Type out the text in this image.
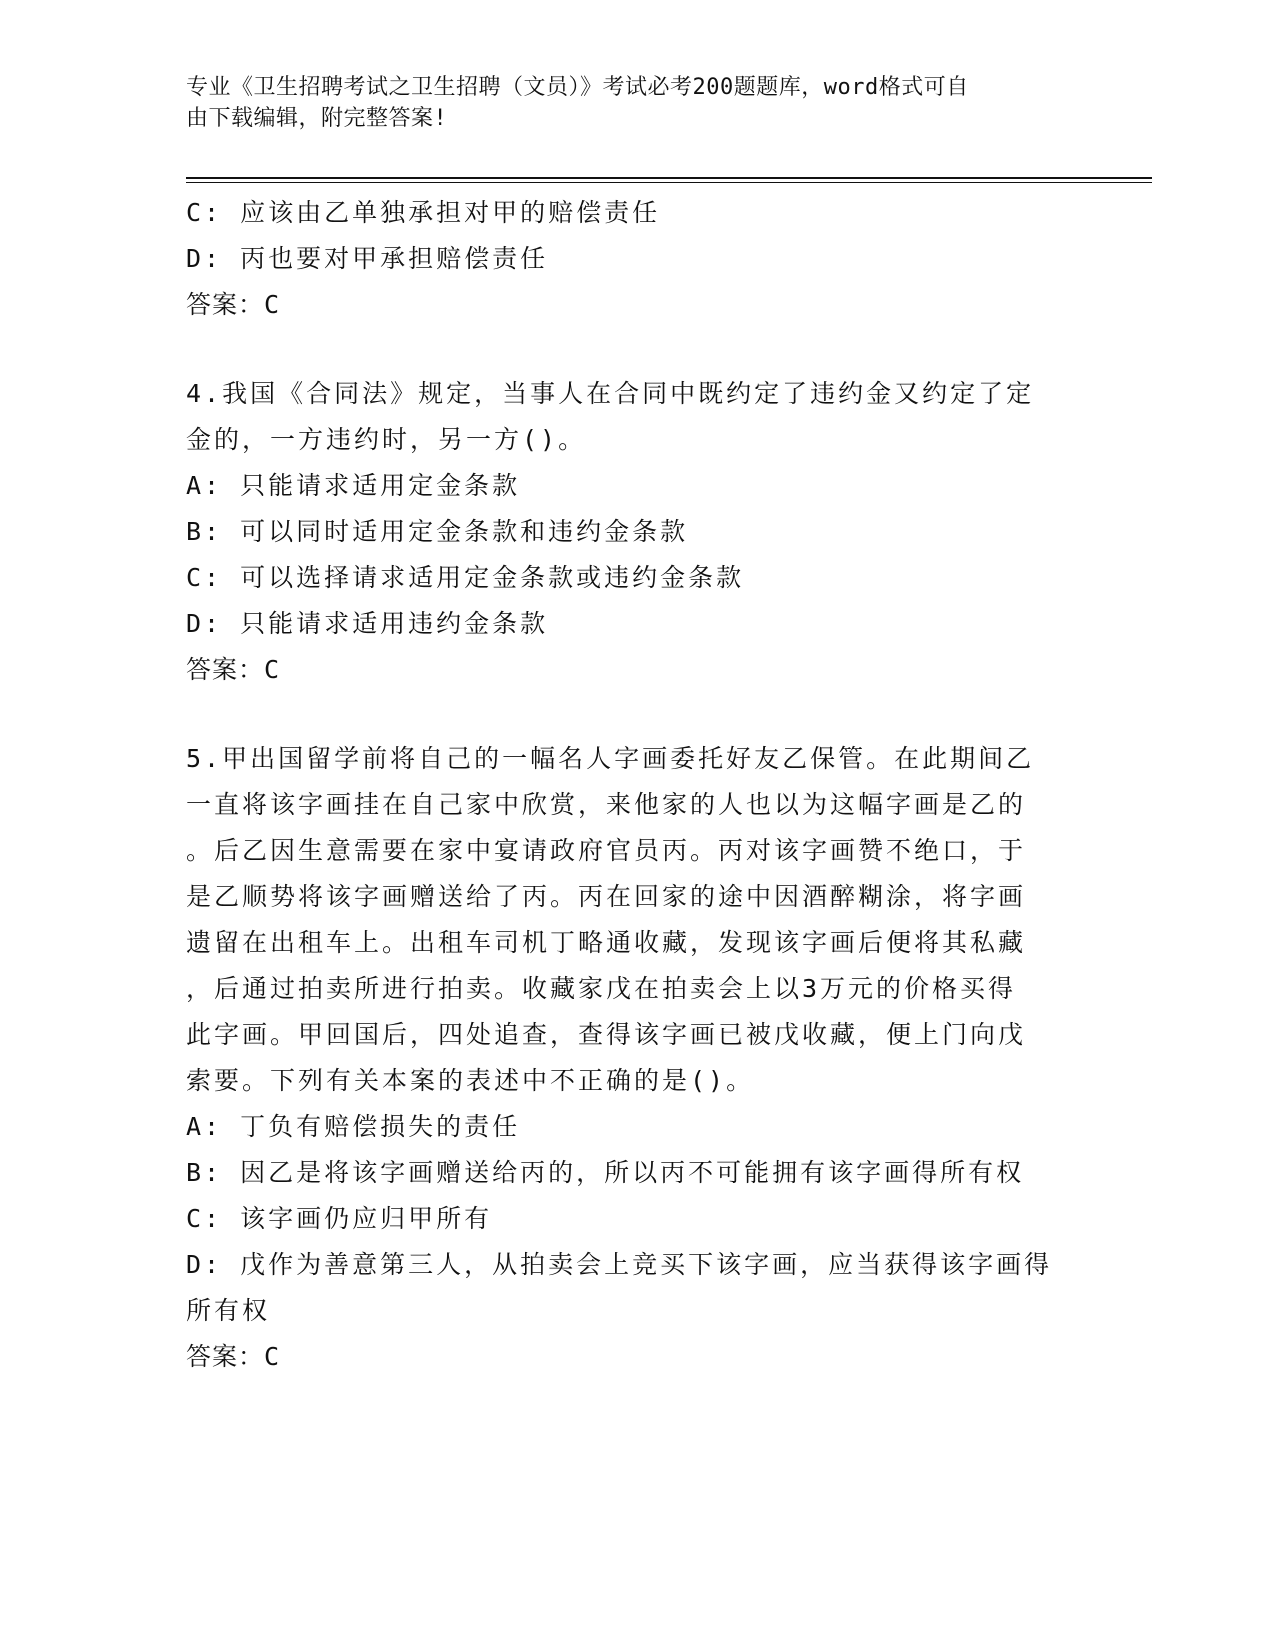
专业《卫生招聘考试之卫生招聘（文员）》考试必考200题题库，word格式可自
由下载编辑，附完整答案!
C: 应该由乙单独承担对甲的赔偿责任
D: 丙也要对甲承担赔偿责任
答案：C
4.我国《合同法》规定，当事人在合同中既约定了违约金又约定了定
金的，一方违约时，另一方()。
A: 只能请求适用定金条款
B: 可以同时适用定金条款和违约金条款
C: 可以选择请求适用定金条款或违约金条款
D: 只能请求适用违约金条款
答案：C
5.甲出国留学前将自己的一幅名人字画委托好友乙保管。在此期间乙
一直将该字画挂在自己家中欣赏，来他家的人也以为这幅字画是乙的
。后乙因生意需要在家中宴请政府官员丙。丙对该字画赞不绝口，于
是乙顺势将该字画赠送给了丙。丙在回家的途中因酒醉糊涂，将字画
遗留在出租车上。出租车司机丁略通收藏，发现该字画后便将其私藏
，后通过拍卖所进行拍卖。收藏家戊在拍卖会上以3万元的价格买得
此字画。甲回国后，四处追查，查得该字画已被戊收藏，便上门向戊
索要。下列有关本案的表述中不正确的是()。
A: 丁负有赔偿损失的责任
B: 因乙是将该字画赠送给丙的，所以丙不可能拥有该字画得所有权
C: 该字画仍应归甲所有
D: 戊作为善意第三人，从拍卖会上竞买下该字画，应当获得该字画得
所有权
答案：C
